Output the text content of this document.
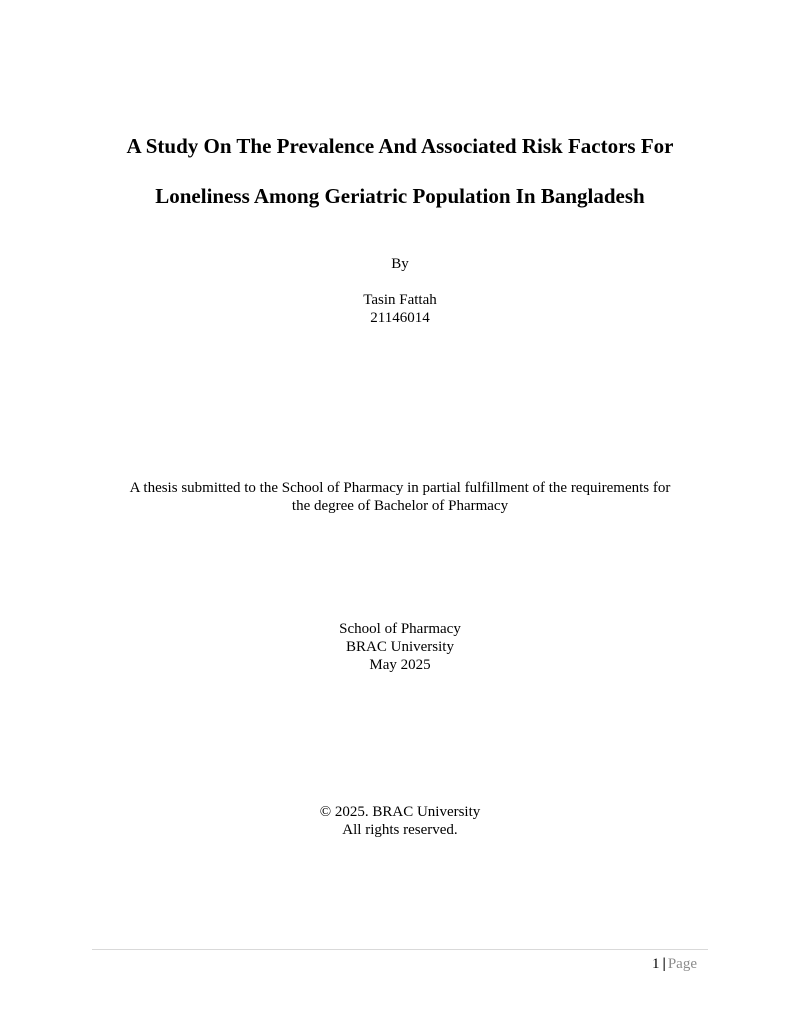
A Study On The Prevalence And Associated Risk Factors For
Loneliness Among Geriatric Population In Bangladesh
By
Tasin Fattah
21146014
A thesis submitted to the School of Pharmacy in partial fulfillment of the requirements for
the degree of Bachelor of Pharmacy
School of Pharmacy
BRAC University
May 2025
© 2025. BRAC University
All rights reserved.
1 | Page
